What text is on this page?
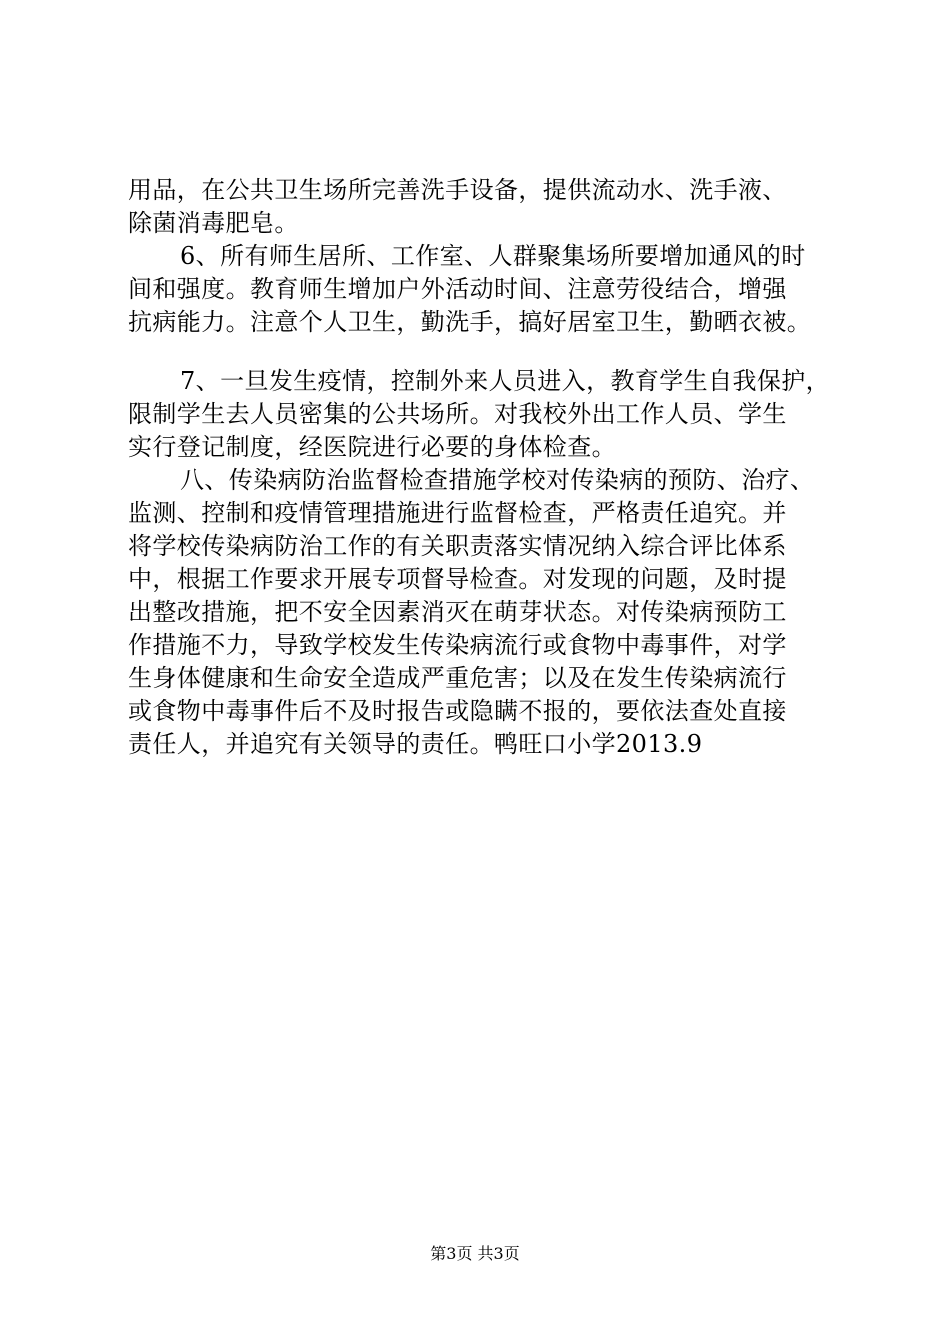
用品，在公共卫生场所完善洗手设备，提供流动水、洗手液、
除菌消毒肥皂。
6、所有师生居所、工作室、人群聚集场所要增加通风的时
间和强度。教育师生增加户外活动时间、注意劳役结合，增强
抗病能力。注意个人卫生，勤洗手，搞好居室卫生，勤晒衣被。
7、一旦发生疫情，控制外来人员进入，教育学生自我保护，
限制学生去人员密集的公共场所。对我校外出工作人员、学生
实行登记制度，经医院进行必要的身体检查。
八、传染病防治监督检查措施学校对传染病的预防、治疗、
监测、控制和疫情管理措施进行监督检查，严格责任追究。并
将学校传染病防治工作的有关职责落实情况纳入综合评比体系
中，根据工作要求开展专项督导检查。对发现的问题，及时提
出整改措施，把不安全因素消灭在萌芽状态。对传染病预防工
作措施不力，导致学校发生传染病流行或食物中毒事件，对学
生身体健康和生命安全造成严重危害；以及在发生传染病流行
或食物中毒事件后不及时报告或隐瞒不报的，要依法查处直接
责任人，并追究有关领导的责任。鸭旺口小学2013.9
第3页 共3页
